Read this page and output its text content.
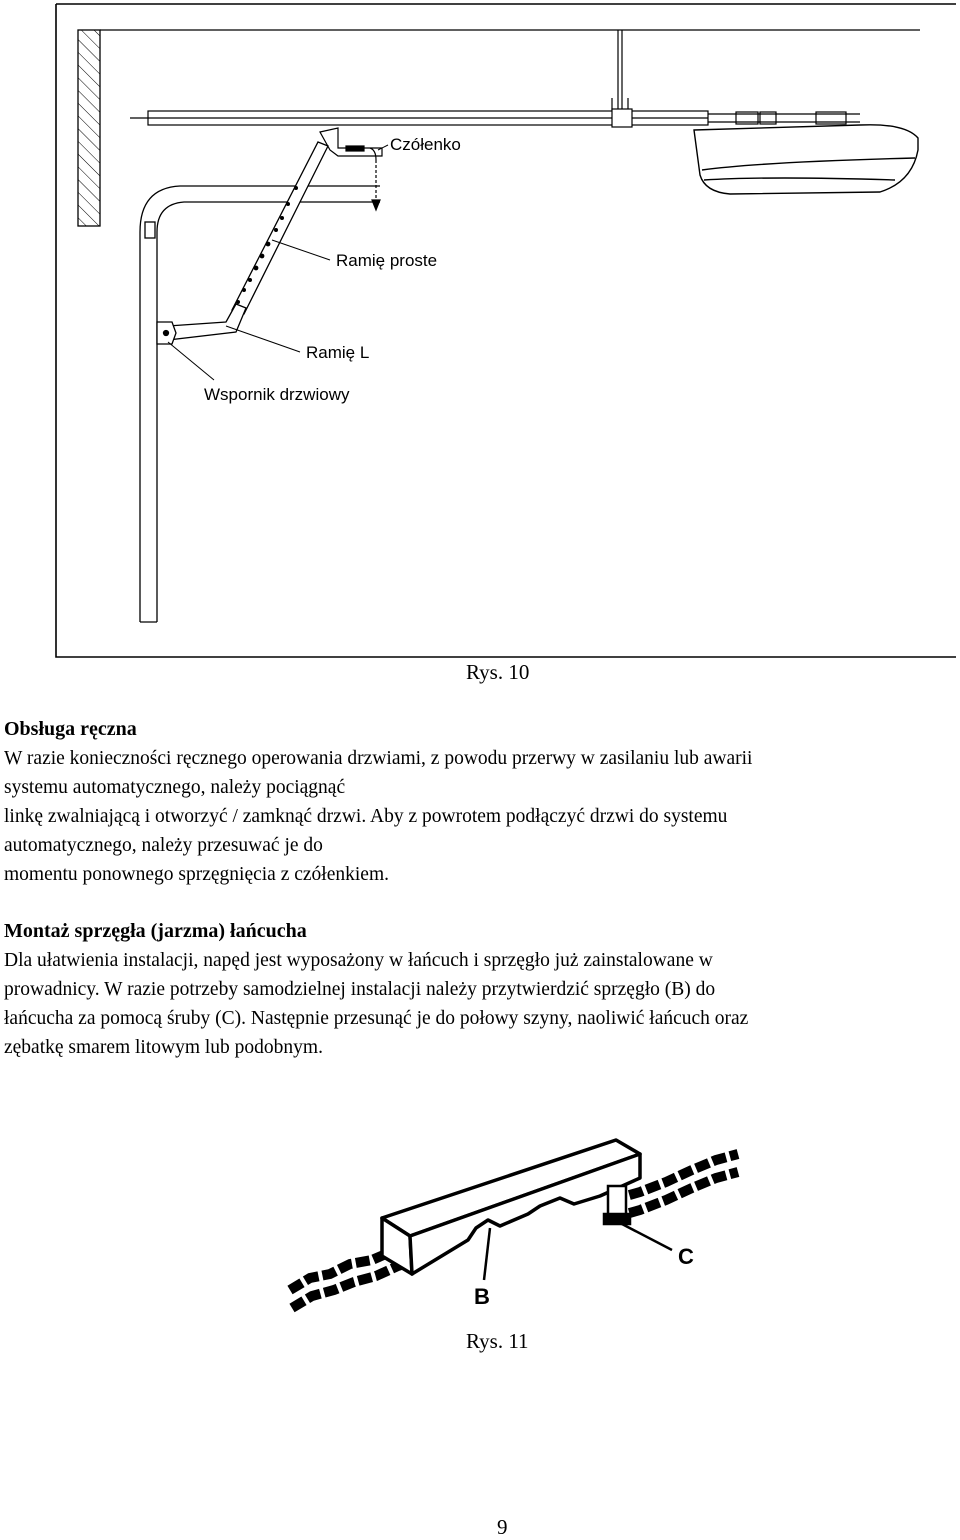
Czółenko
Ramię proste
Ramię L
Wspornik drzwiowy
Rys. 10
Obsługa ręczna
W razie konieczności ręcznego operowania drzwiami, z powodu przerwy w zasilaniu lub awarii
systemu automatycznego, należy pociągnąć
linkę zwalniającą i otworzyć / zamknąć drzwi. Aby z powrotem podłączyć drzwi do systemu
automatycznego, należy przesuwać je do
momentu ponownego sprzęgnięcia z czółenkiem.
Montaż sprzęgła (jarzma) łańcucha
Dla ułatwienia instalacji, napęd jest wyposażony w łańcuch i sprzęgło już zainstalowane w
prowadnicy. W razie potrzeby samodzielnej instalacji należy przytwierdzić sprzęgło (B) do
łańcucha za pomocą śruby (C). Następnie przesunąć je do połowy szyny, naoliwić łańcuch oraz
zębatkę smarem litowym lub podobnym.
B
C
Rys. 11
9
